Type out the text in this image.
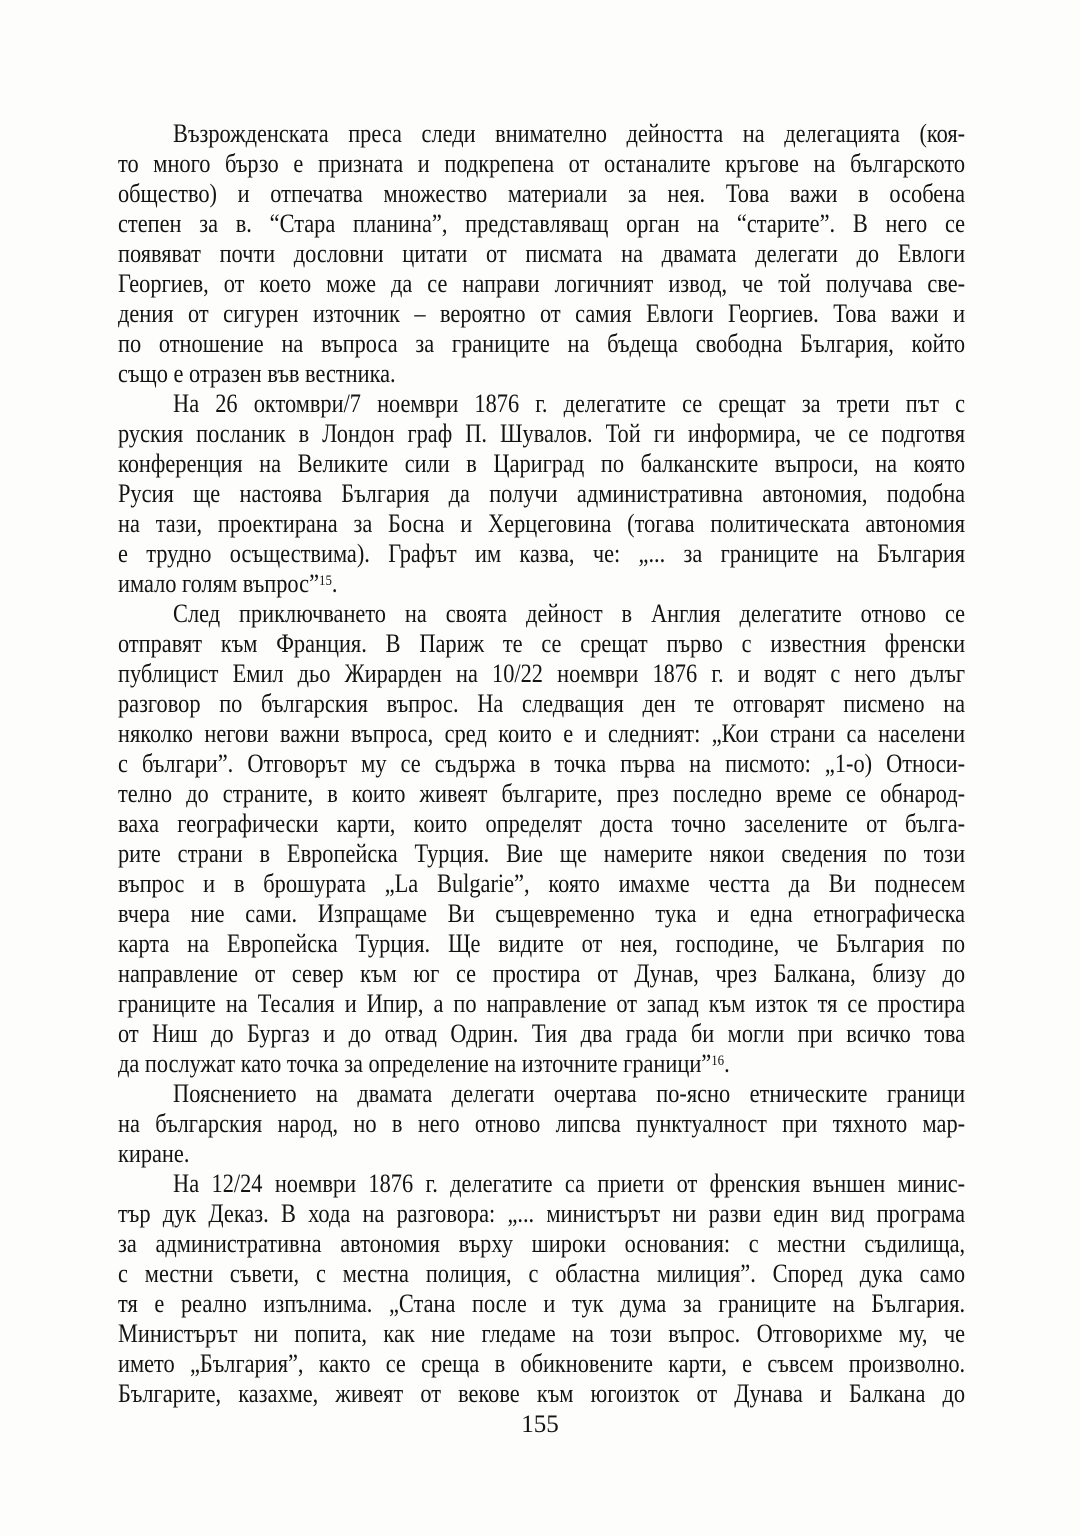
Възрожденската преса следи внимателно дейността на делегацията (коя-
то много бързо е призната и подкрепена от останалите кръгове на българското
общество) и отпечатва множество материали за нея. Това важи в особена
степен за в. “Стара планина”, представляващ орган на “старите”. В него се
появяват почти дословни цитати от писмата на двамата делегати до Евлоги
Георгиев, от което може да се направи логичният извод, че той получава све-
дения от сигурен източник – вероятно от самия Евлоги Георгиев. Това важи и
по отношение на въпроса за границите на бъдеща свободна България, който
също е отразен във вестника.
На 26 октомври/7 ноември 1876 г. делегатите се срещат за трети път с
руския посланик в Лондон граф П. Шувалов. Той ги информира, че се подготвя
конференция на Великите сили в Цариград по балканските въпроси, на която
Русия ще настоява България да получи административна автономия, подобна
на тази, проектирана за Босна и Херцеговина (тогава политическата автономия
е трудно осъществима). Графът им казва, че: „... за границите на България
имало голям въпрос”$^{15}$.
След приключването на своята дейност в Англия делегатите отново се
отправят към Франция. В Париж те се срещат първо с известния френски
публицист Емил дьо Жирарден на 10/22 ноември 1876 г. и водят с него дълъг
разговор по българския въпрос. На следващия ден те отговарят писмено на
няколко негови важни въпроса, сред които е и следният: „Кои страни са населени
с българи”. Отговорът му се съдържа в точка първа на писмото: „1-о) Относи-
телно до страните, в които живеят българите, през последно време се обнарод-
ваха географически карти, които определят доста точно заселените от бълга-
рите страни в Европейска Турция. Вие ще намерите някои сведения по този
въпрос и в брошурата „La Bulgarie”, която имахме честта да Ви поднесем
вчера ние сами. Изпращаме Ви същевременно тука и една етнографическа
карта на Европейска Турция. Ще видите от нея, господине, че България по
направление от север към юг се простира от Дунав, чрез Балкана, близу до
границите на Тесалия и Ипир, а по направление от запад към изток тя се простира
от Ниш до Бургаз и до отвад Одрин. Тия два града би могли при всичко това
да послужат като точка за определение на източните граници”$^{16}$.
Пояснението на двамата делегати очертава по-ясно етническите граници
на българския народ, но в него отново липсва пунктуалност при тяхното мар-
киране.
На 12/24 ноември 1876 г. делегатите са приети от френския външен минис-
тър дук Деказ. В хода на разговора: „... министърът ни разви един вид програма
за административна автономия върху широки основания: с местни съдилища,
с местни съвети, с местна полиция, с областна милиция”. Според дука само
тя е реално изпълнима. „Стана после и тук дума за границите на България.
Министърът ни попита, как ние гледаме на този въпрос. Отговорихме му, че
името „България”, както се среща в обикновените карти, е съвсем произволно.
Българите, казахме, живеят от векове към югоизток от Дунава и Балкана до
155
